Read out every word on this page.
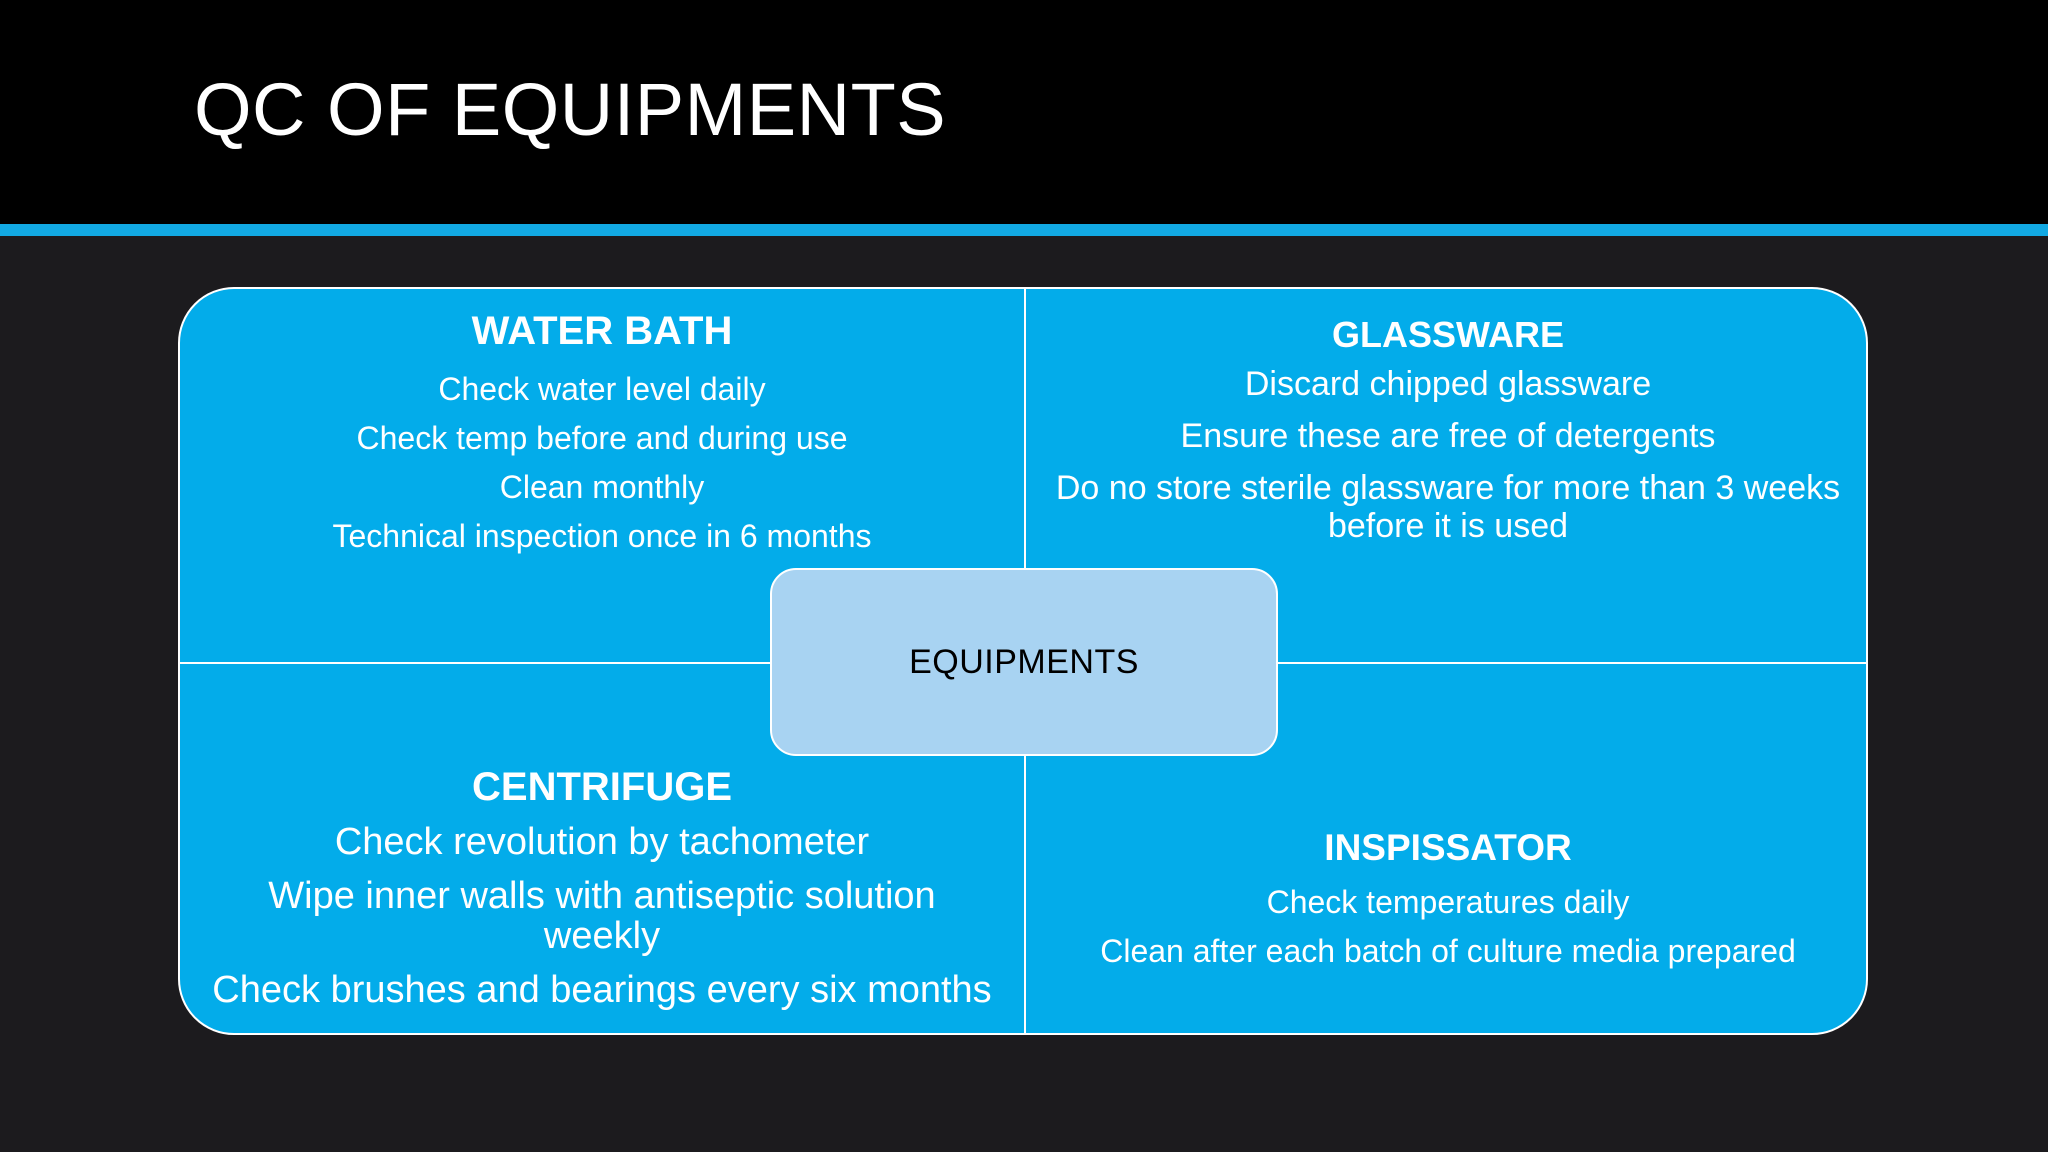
QC OF EQUIPMENTS
WATER BATH
Check water level daily
Check temp before and during use
Clean monthly
Technical inspection once in 6 months
GLASSWARE
Discard chipped glassware
Ensure these are free of detergents
Do no store sterile glassware for more than 3 weeks before it is used
CENTRIFUGE
Check revolution by tachometer
Wipe inner walls with antiseptic solution weekly
Check brushes and bearings every six months
INSPISSATOR
Check temperatures daily
Clean after each batch of culture media prepared
EQUIPMENTS
